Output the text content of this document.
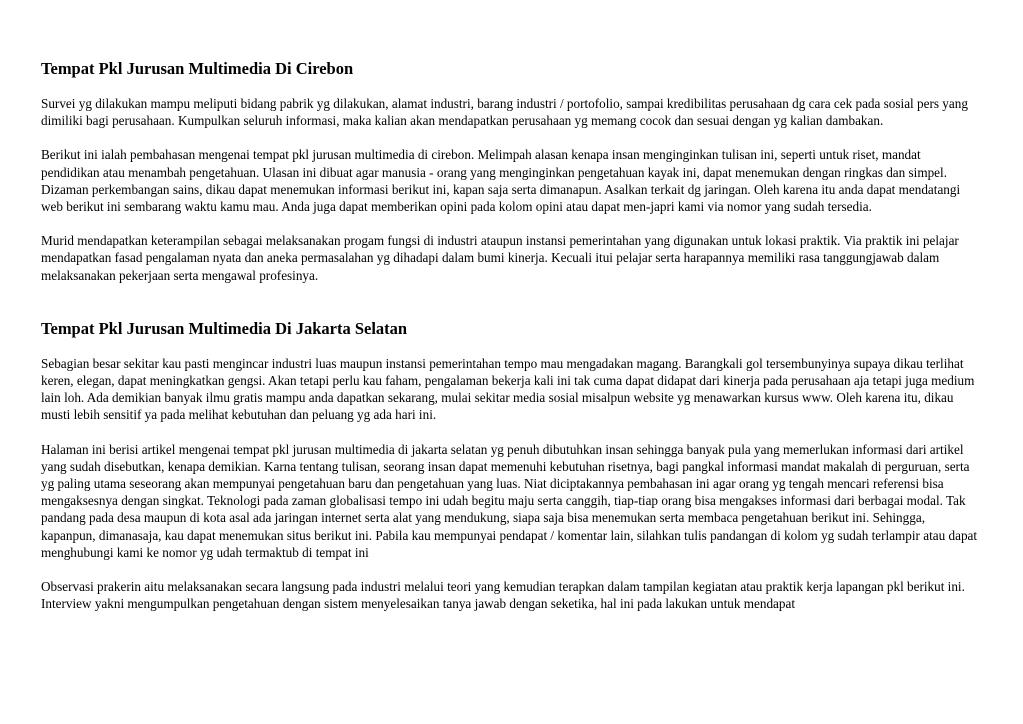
Tempat Pkl Jurusan Multimedia Di Cirebon

Survei yg dilakukan mampu meliputi bidang pabrik yg dilakukan, alamat industri, barang industri / portofolio, sampai kredibilitas perusahaan dg cara cek pada sosial pers yang dimiliki bagi perusahaan. Kumpulkan seluruh informasi, maka kalian akan mendapatkan perusahaan yg memang cocok dan sesuai dengan yg kalian dambakan.

Berikut ini ialah pembahasan mengenai tempat pkl jurusan multimedia di cirebon. Melimpah alasan kenapa insan menginginkan tulisan ini, seperti untuk riset, mandat pendidikan atau menambah pengetahuan. Ulasan ini dibuat agar manusia - orang yang menginginkan pengetahuan kayak ini, dapat menemukan dengan ringkas dan simpel. Dizaman perkembangan sains, dikau dapat menemukan informasi berikut ini, kapan saja serta dimanapun. Asalkan terkait dg jaringan. Oleh karena itu anda dapat mendatangi web berikut ini sembarang waktu kamu mau. Anda juga dapat memberikan opini pada kolom opini atau dapat men-japri kami via nomor yang sudah tersedia.

Murid mendapatkan keterampilan sebagai melaksanakan progam fungsi di industri ataupun instansi pemerintahan yang digunakan untuk lokasi praktik. Via praktik ini pelajar mendapatkan fasad pengalaman nyata dan aneka permasalahan yg dihadapi dalam bumi kinerja. Kecuali itui pelajar serta harapannya memiliki rasa tanggungjawab dalam melaksanakan pekerjaan serta mengawal profesinya.

Tempat Pkl Jurusan Multimedia Di Jakarta Selatan

Sebagian besar sekitar kau pasti mengincar industri luas maupun instansi pemerintahan tempo mau mengadakan magang. Barangkali gol tersembunyinya supaya dikau terlihat keren, elegan, dapat meningkatkan gengsi. Akan tetapi perlu kau faham, pengalaman bekerja kali ini tak cuma dapat didapat dari kinerja pada perusahaan aja tetapi juga medium lain loh. Ada demikian banyak ilmu gratis mampu anda dapatkan sekarang, mulai sekitar media sosial misalpun website yg menawarkan kursus www. Oleh karena itu, dikau musti lebih sensitif ya pada melihat kebutuhan dan peluang yg ada hari ini.

Halaman ini berisi artikel mengenai tempat pkl jurusan multimedia di jakarta selatan yg penuh dibutuhkan insan sehingga banyak pula yang memerlukan informasi dari artikel yang sudah disebutkan, kenapa demikian. Karna tentang tulisan, seorang insan dapat memenuhi kebutuhan risetnya, bagi pangkal informasi mandat makalah di perguruan, serta yg paling utama seseorang akan mempunyai pengetahuan baru dan pengetahuan yang luas. Niat diciptakannya pembahasan ini agar orang yg tengah mencari referensi bisa mengaksesnya dengan singkat. Teknologi pada zaman globalisasi tempo ini udah begitu maju serta canggih, tiap-tiap orang bisa mengakses informasi dari berbagai modal. Tak pandang pada desa maupun di kota asal ada jaringan internet serta alat yang mendukung, siapa saja bisa menemukan serta membaca pengetahuan berikut ini. Sehingga, kapanpun, dimanasaja, kau dapat menemukan situs berikut ini. Pabila kau mempunyai pendapat / komentar lain, silahkan tulis pandangan di kolom yg sudah terlampir atau dapat menghubungi kami ke nomor yg udah termaktub di tempat ini

Observasi prakerin aitu melaksanakan secara langsung pada industri melalui teori yang kemudian terapkan dalam tampilan kegiatan atau praktik kerja lapangan pkl berikut ini. Interview yakni mengumpulkan pengetahuan dengan sistem menyelesaikan tanya jawab dengan seketika, hal ini pada lakukan untuk mendapat
